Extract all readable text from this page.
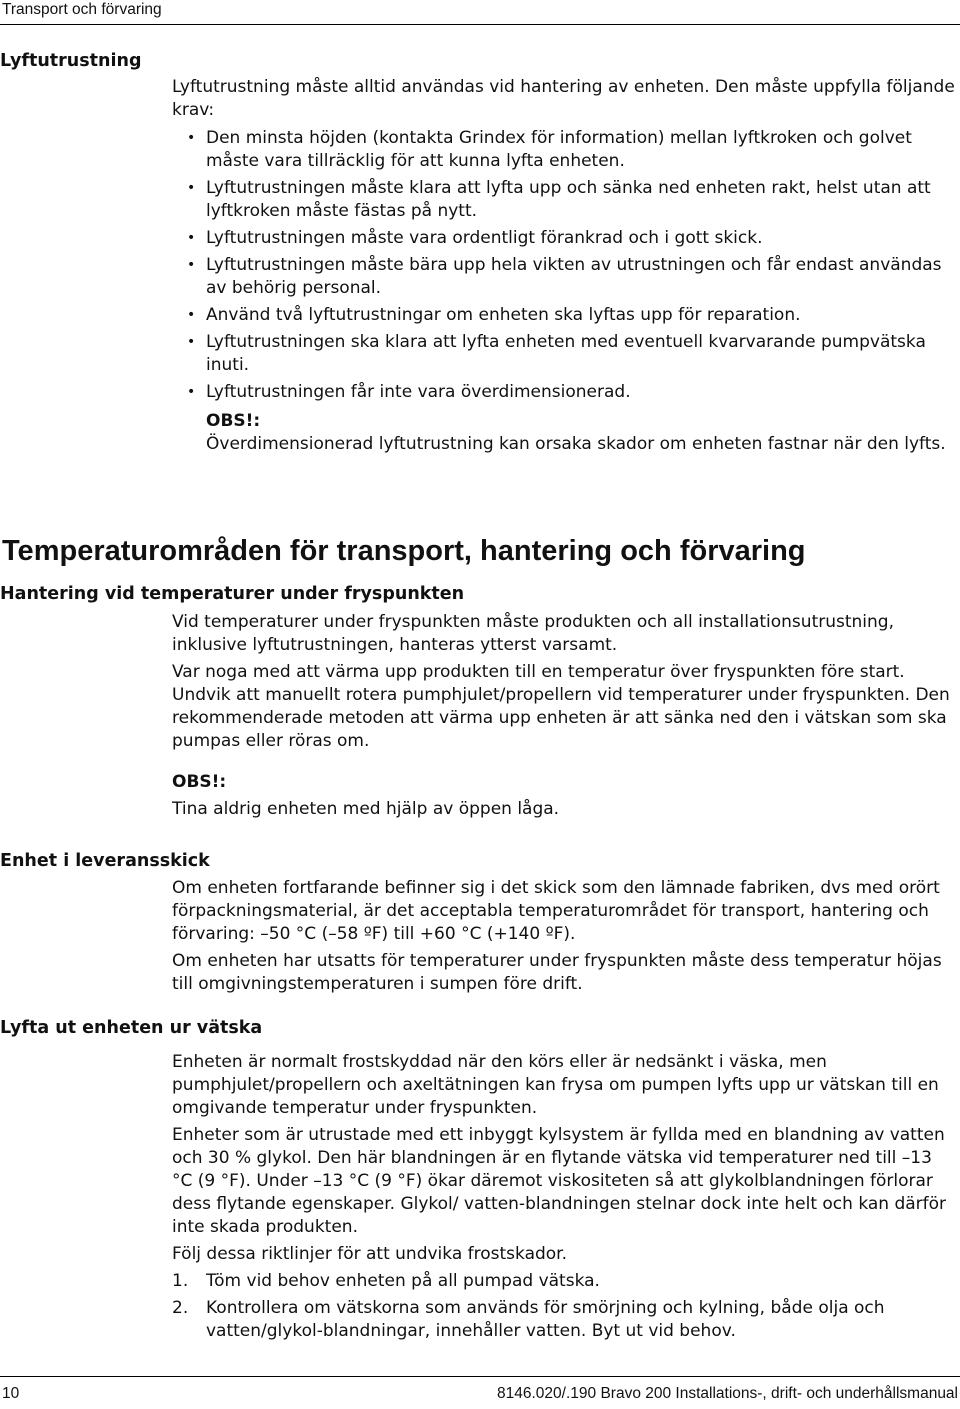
Transport och förvaring
Lyftutrustning

Lyftutrustning måste alltid användas vid hantering av enheten. Den måste uppfylla följande krav:

• Den minsta höjden (kontakta Grindex för information) mellan lyftkroken och golvet måste vara tillräcklig för att kunna lyfta enheten.
• Lyftutrustningen måste klara att lyfta upp och sänka ned enheten rakt, helst utan att lyftkroken måste fästas på nytt.
• Lyftutrustningen måste vara ordentligt förankrad och i gott skick.
• Lyftutrustningen måste bära upp hela vikten av utrustningen och får endast användas av behörig personal.
• Använd två lyftutrustningar om enheten ska lyftas upp för reparation.
• Lyftutrustningen ska klara att lyfta enheten med eventuell kvarvarande pumpvätska inuti.
• Lyftutrustningen får inte vara överdimensionerad.

OBS!:

Överdimensionerad lyftutrustning kan orsaka skador om enheten fastnar när den lyfts.

Temperaturområden för transport, hantering och förvaring
Hantering vid temperaturer under fryspunkten

Vid temperaturer under fryspunkten måste produkten och all installationsutrustning, inklusive lyftutrustningen, hanteras ytterst varsamt.

Var noga med att värma upp produkten till en temperatur över fryspunkten före start. Undvik att manuellt rotera pumphjulet/propellern vid temperaturer under fryspunkten. Den rekommenderade metoden att värma upp enheten är att sänka ned den i vätskan som ska pumpas eller röras om.

OBS!:

Tina aldrig enheten med hjälp av öppen låga.

Enhet i leveransskick

Om enheten fortfarande befinner sig i det skick som den lämnade fabriken, dvs med orört förpackningsmaterial, är det acceptabla temperaturområdet för transport, hantering och förvaring: –50 °C (–58 ºF) till +60 °C (+140 ºF).

Om enheten har utsatts för temperaturer under fryspunkten måste dess temperatur höjas till omgivningstemperaturen i sumpen före drift.

Lyfta ut enheten ur vätska

Enheten är normalt frostskyddad när den körs eller är nedsänkt i väska, men pumphjulet/propellern och axeltätningen kan frysa om pumpen lyfts upp ur vätskan till en omgivande temperatur under fryspunkten.

Enheter som är utrustade med ett inbyggt kylsystem är fyllda med en blandning av vatten och 30 % glykol. Den här blandningen är en flytande vätska vid temperaturer ned till –13 °C (9 °F). Under –13 °C (9 °F) ökar däremot viskositeten så att glykolblandningen förlorar dess flytande egenskaper. Glykol/ vatten-blandningen stelnar dock inte helt och kan därför inte skada produkten.

Följ dessa riktlinjer för att undvika frostskador.

1. Töm vid behov enheten på all pumpad vätska.
2. Kontrollera om vätskorna som används för smörjning och kylning, både olja och vatten/glykol-blandningar, innehåller vatten. Byt ut vid behov.
10	8146.020/.190 Bravo 200 Installations-, drift- och underhållsmanual
